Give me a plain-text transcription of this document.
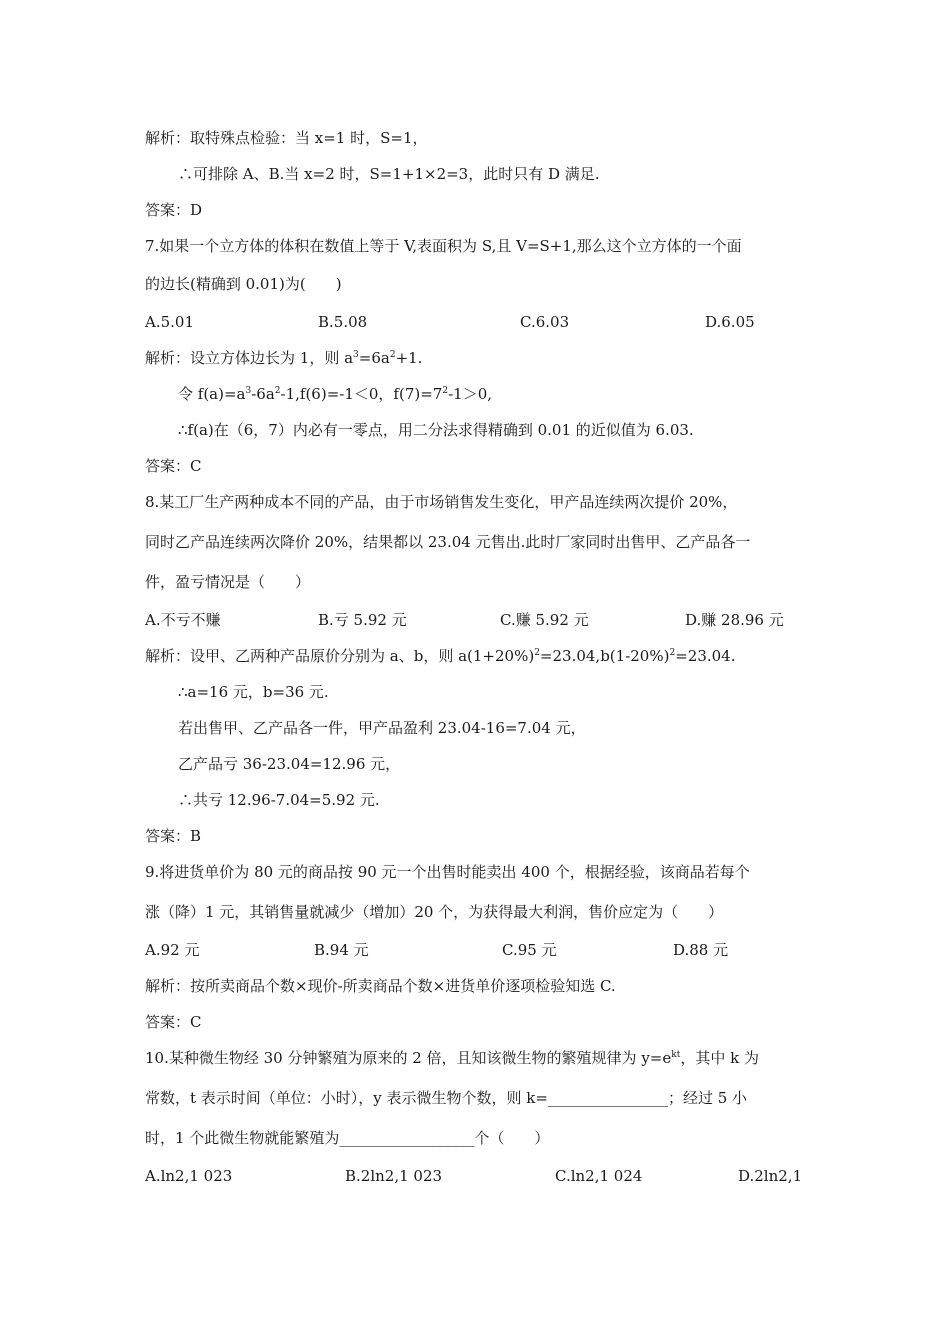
解析：取特殊点检验：当 x=1 时，S=1，
∴可排除 A、B.当 x=2 时，S=1+1×2=3，此时只有 D 满足.
答案：D
7.如果一个立方体的体积在数值上等于 V,表面积为 S,且 V=S+1,那么这个立方体的一个面
的边长(精确到 0.01)为(　　)
A.5.01	B.5.08	C.6.03	D.6.05
解析：设立方体边长为 1，则 $a^3=6a^2+1$.
令 $f(a)=a^3-6a^2-1,f(6)=-1<0$，$f(7)=7^2-1>0$,
∴f(a)在（6，7）内必有一零点，用二分法求得精确到 0.01 的近似值为 6.03.
答案：C
8.某工厂生产两种成本不同的产品，由于市场销售发生变化，甲产品连续两次提价 20%，
同时乙产品连续两次降价 20%，结果都以 23.04 元售出.此时厂家同时出售甲、乙产品各一
件，盈亏情况是（　　）
A.不亏不赚	B.亏 5.92 元	C.赚 5.92 元	D.赚 28.96 元
解析：设甲、乙两种产品原价分别为 a、b，则 $a(1+20\%)^2=23.04,b(1-20\%)^2=23.04$.
∴a=16 元，b=36 元.
若出售甲、乙产品各一件，甲产品盈利 23.04-16=7.04 元，
乙产品亏 36-23.04=12.96 元，
∴共亏 12.96-7.04=5.92 元.
答案：B
9.将进货单价为 80 元的商品按 90 元一个出售时能卖出 400 个，根据经验，该商品若每个
涨（降）1 元，其销售量就减少（增加）20 个，为获得最大利润，售价应定为（　　）
A.92 元	B.94 元	C.95 元	D.88 元
解析：按所卖商品个数×现价-所卖商品个数×进货单价逐项检验知选 C.
答案：C
10.某种微生物经 30 分钟繁殖为原来的 2 倍，且知该微生物的繁殖规律为 $y=e^{kt}$，其中 k 为
常数，t 表示时间（单位：小时），y 表示微生物个数，则 k=________________；经过 5 小
时，1 个此微生物就能繁殖为__________________个（　　）
A.ln2,1 023	B.2ln2,1 023	C.ln2,1 024	D.2ln2,1
